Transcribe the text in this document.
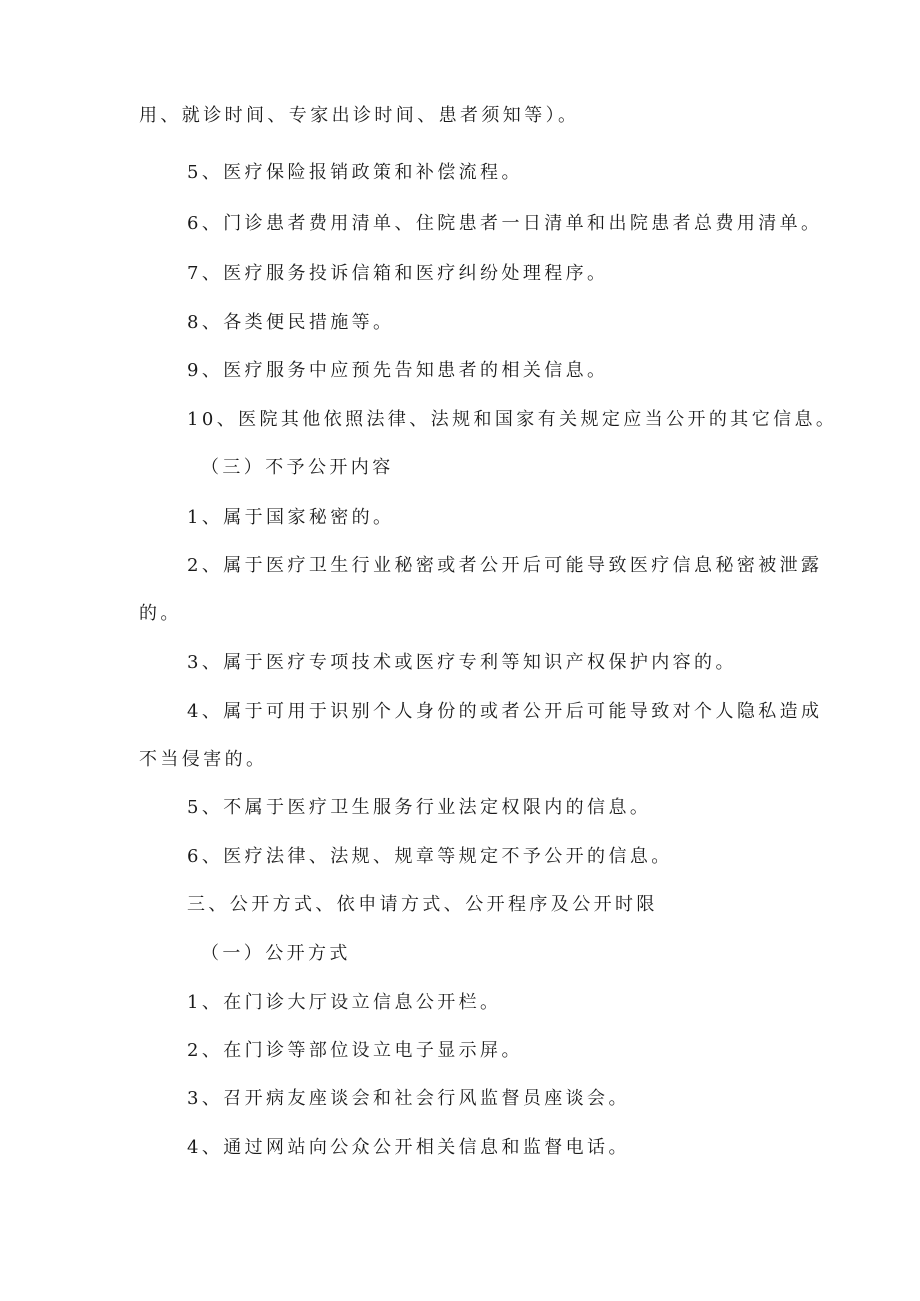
用、就诊时间、专家出诊时间、患者须知等）。
5、医疗保险报销政策和补偿流程。
6、门诊患者费用清单、住院患者一日清单和出院患者总费用清单。
7、医疗服务投诉信箱和医疗纠纷处理程序。
8、各类便民措施等。
9、医疗服务中应预先告知患者的相关信息。
10、医院其他依照法律、法规和国家有关规定应当公开的其它信息。
（三）不予公开内容
1、属于国家秘密的。
2、属于医疗卫生行业秘密或者公开后可能导致医疗信息秘密被泄露
的。
3、属于医疗专项技术或医疗专利等知识产权保护内容的。
4、属于可用于识别个人身份的或者公开后可能导致对个人隐私造成
不当侵害的。
5、不属于医疗卫生服务行业法定权限内的信息。
6、医疗法律、法规、规章等规定不予公开的信息。
三、公开方式、依申请方式、公开程序及公开时限
（一）公开方式
1、在门诊大厅设立信息公开栏。
2、在门诊等部位设立电子显示屏。
3、召开病友座谈会和社会行风监督员座谈会。
4、通过网站向公众公开相关信息和监督电话。
